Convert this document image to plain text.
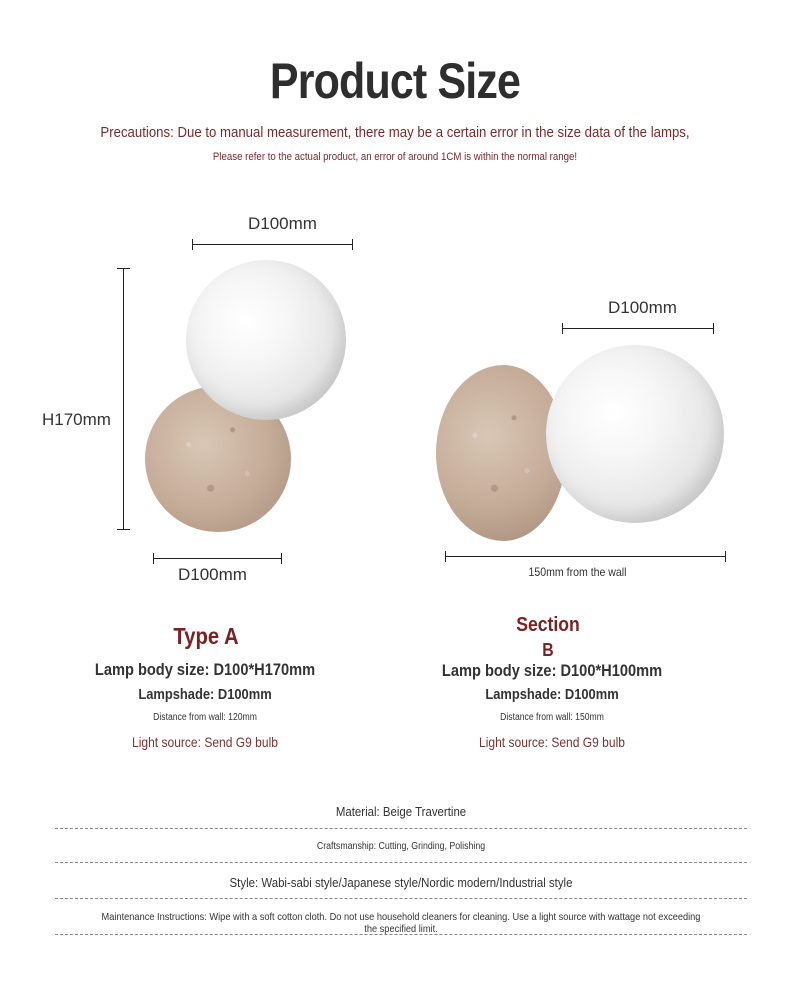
Product Size
Precautions: Due to manual measurement, there may be a certain error in the size data of the lamps,
Please refer to the actual product, an error of around 1CM is within the normal range!
D100mm
H170mm
D100mm
D100mm
150mm from the wall
Type A
Lamp body size: D100*H170mm
Lampshade: D100mm
Distance from wall: 120mm
Light source: Send G9 bulb
Section
B
Lamp body size: D100*H100mm
Lampshade: D100mm
Distance from wall: 150mm
Light source: Send G9 bulb
Material: Beige Travertine
Craftsmanship: Cutting, Grinding, Polishing
Style: Wabi-sabi style/Japanese style/Nordic modern/Industrial style
Maintenance Instructions: Wipe with a soft cotton cloth. Do not use household cleaners for cleaning. Use a light source with wattage not exceeding the specified limit.
